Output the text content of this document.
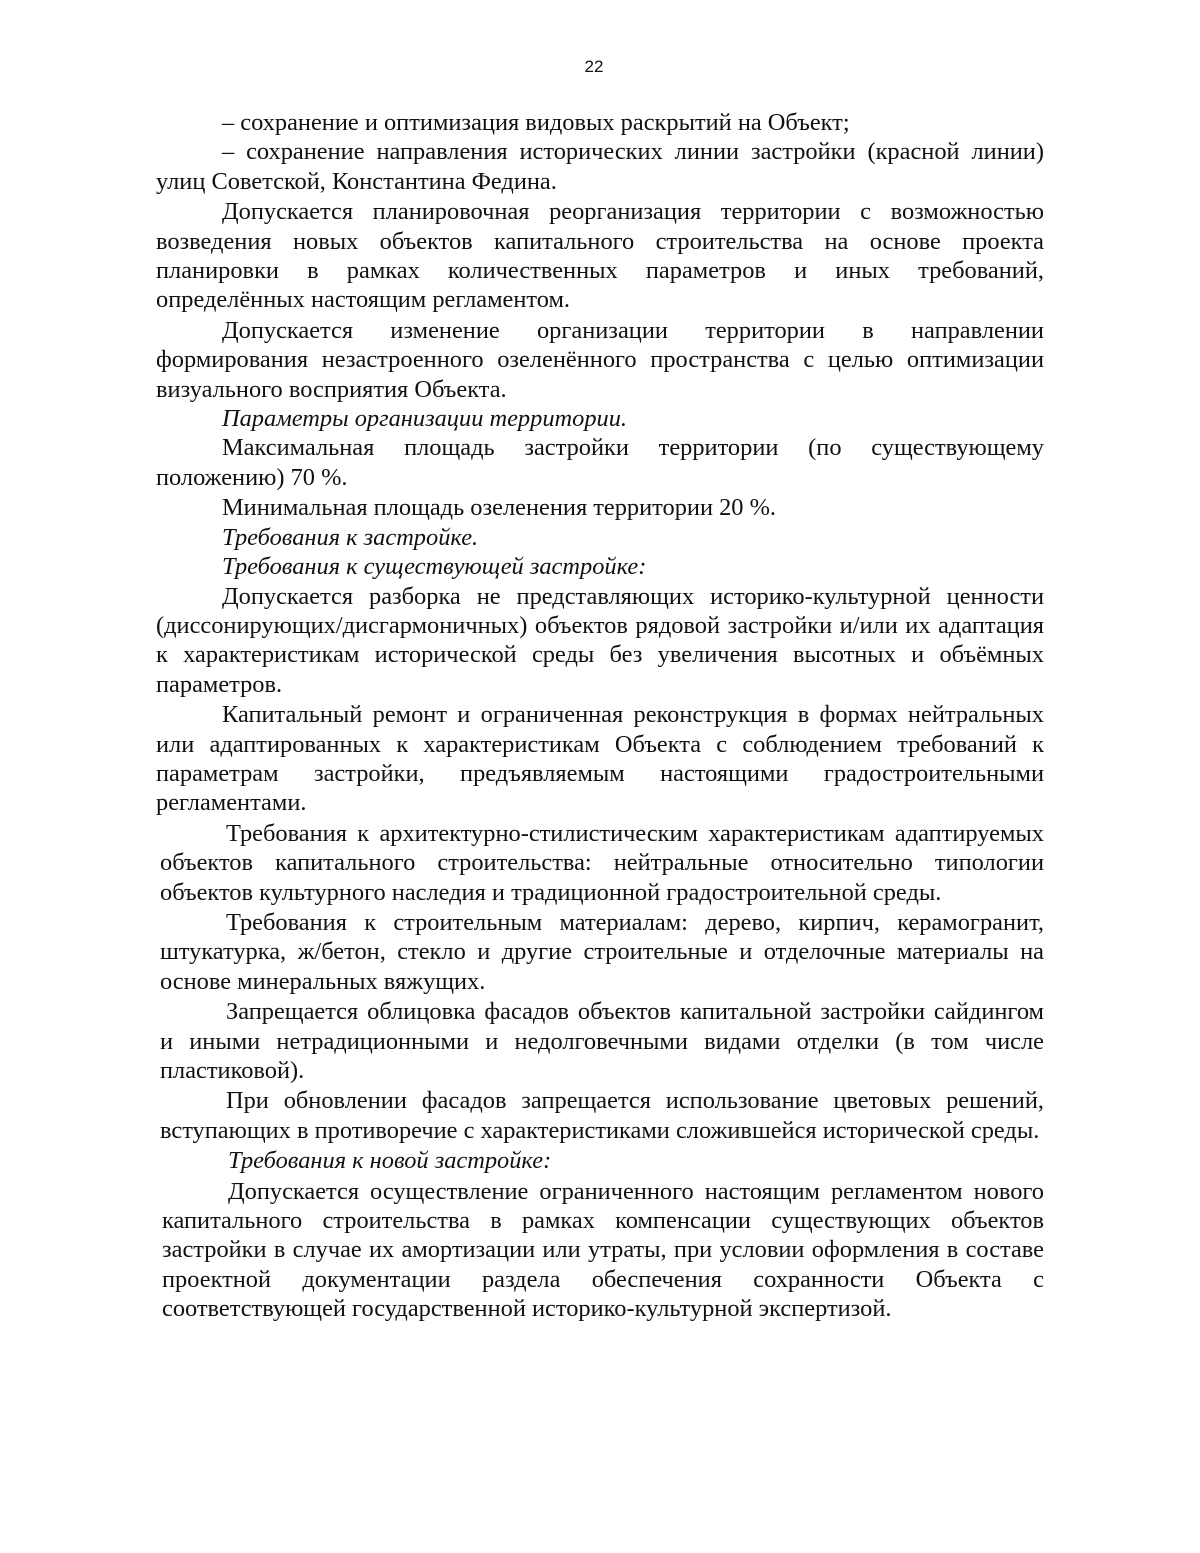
22

– сохранение и оптимизация видовых раскрытий на Объект;

– сохранение направления исторических линии застройки (красной линии) улиц Советской, Константина Федина.

Допускается планировочная реорганизация территории с возможностью возведения новых объектов капитального строительства на основе проекта планировки в рамках количественных параметров и иных требований, определённых настоящим регламентом.

Допускается изменение организации территории в направлении формирования незастроенного озеленённого пространства с целью оптимизации визуального восприятия Объекта.

Параметры организации территории.

Максимальная площадь застройки территории (по существующему положению) 70 %.

Минимальная площадь озеленения территории 20 %.

Требования к застройке.

Требования к существующей застройке:

Допускается разборка не представляющих историко-культурной ценности (диссонирующих/дисгармоничных) объектов рядовой застройки и/или их адаптация к характеристикам исторической среды без увеличения высотных и объёмных параметров.

Капитальный ремонт и ограниченная реконструкция в формах нейтральных или адаптированных к характеристикам Объекта с соблюдением требований к параметрам застройки, предъявляемым настоящими градостроительными регламентами.

Требования к архитектурно-стилистическим характеристикам адаптируемых объектов капитального строительства: нейтральные относительно типологии объектов культурного наследия и традиционной градостроительной среды.

Требования к строительным материалам: дерево, кирпич, керамогранит, штукатурка, ж/бетон, стекло и другие строительные и отделочные материалы на основе минеральных вяжущих.

Запрещается облицовка фасадов объектов капитальной застройки сайдингом и иными нетрадиционными и недолговечными видами отделки (в том числе пластиковой).

При обновлении фасадов запрещается использование цветовых решений, вступающих в противоречие с характеристиками сложившейся исторической среды.

Требования к новой застройке:

Допускается осуществление ограниченного настоящим регламентом нового капитального строительства в рамках компенсации существующих объектов застройки в случае их амортизации или утраты, при условии оформления в составе проектной документации раздела обеспечения сохранности Объекта с соответствующей государственной историко-культурной экспертизой.
